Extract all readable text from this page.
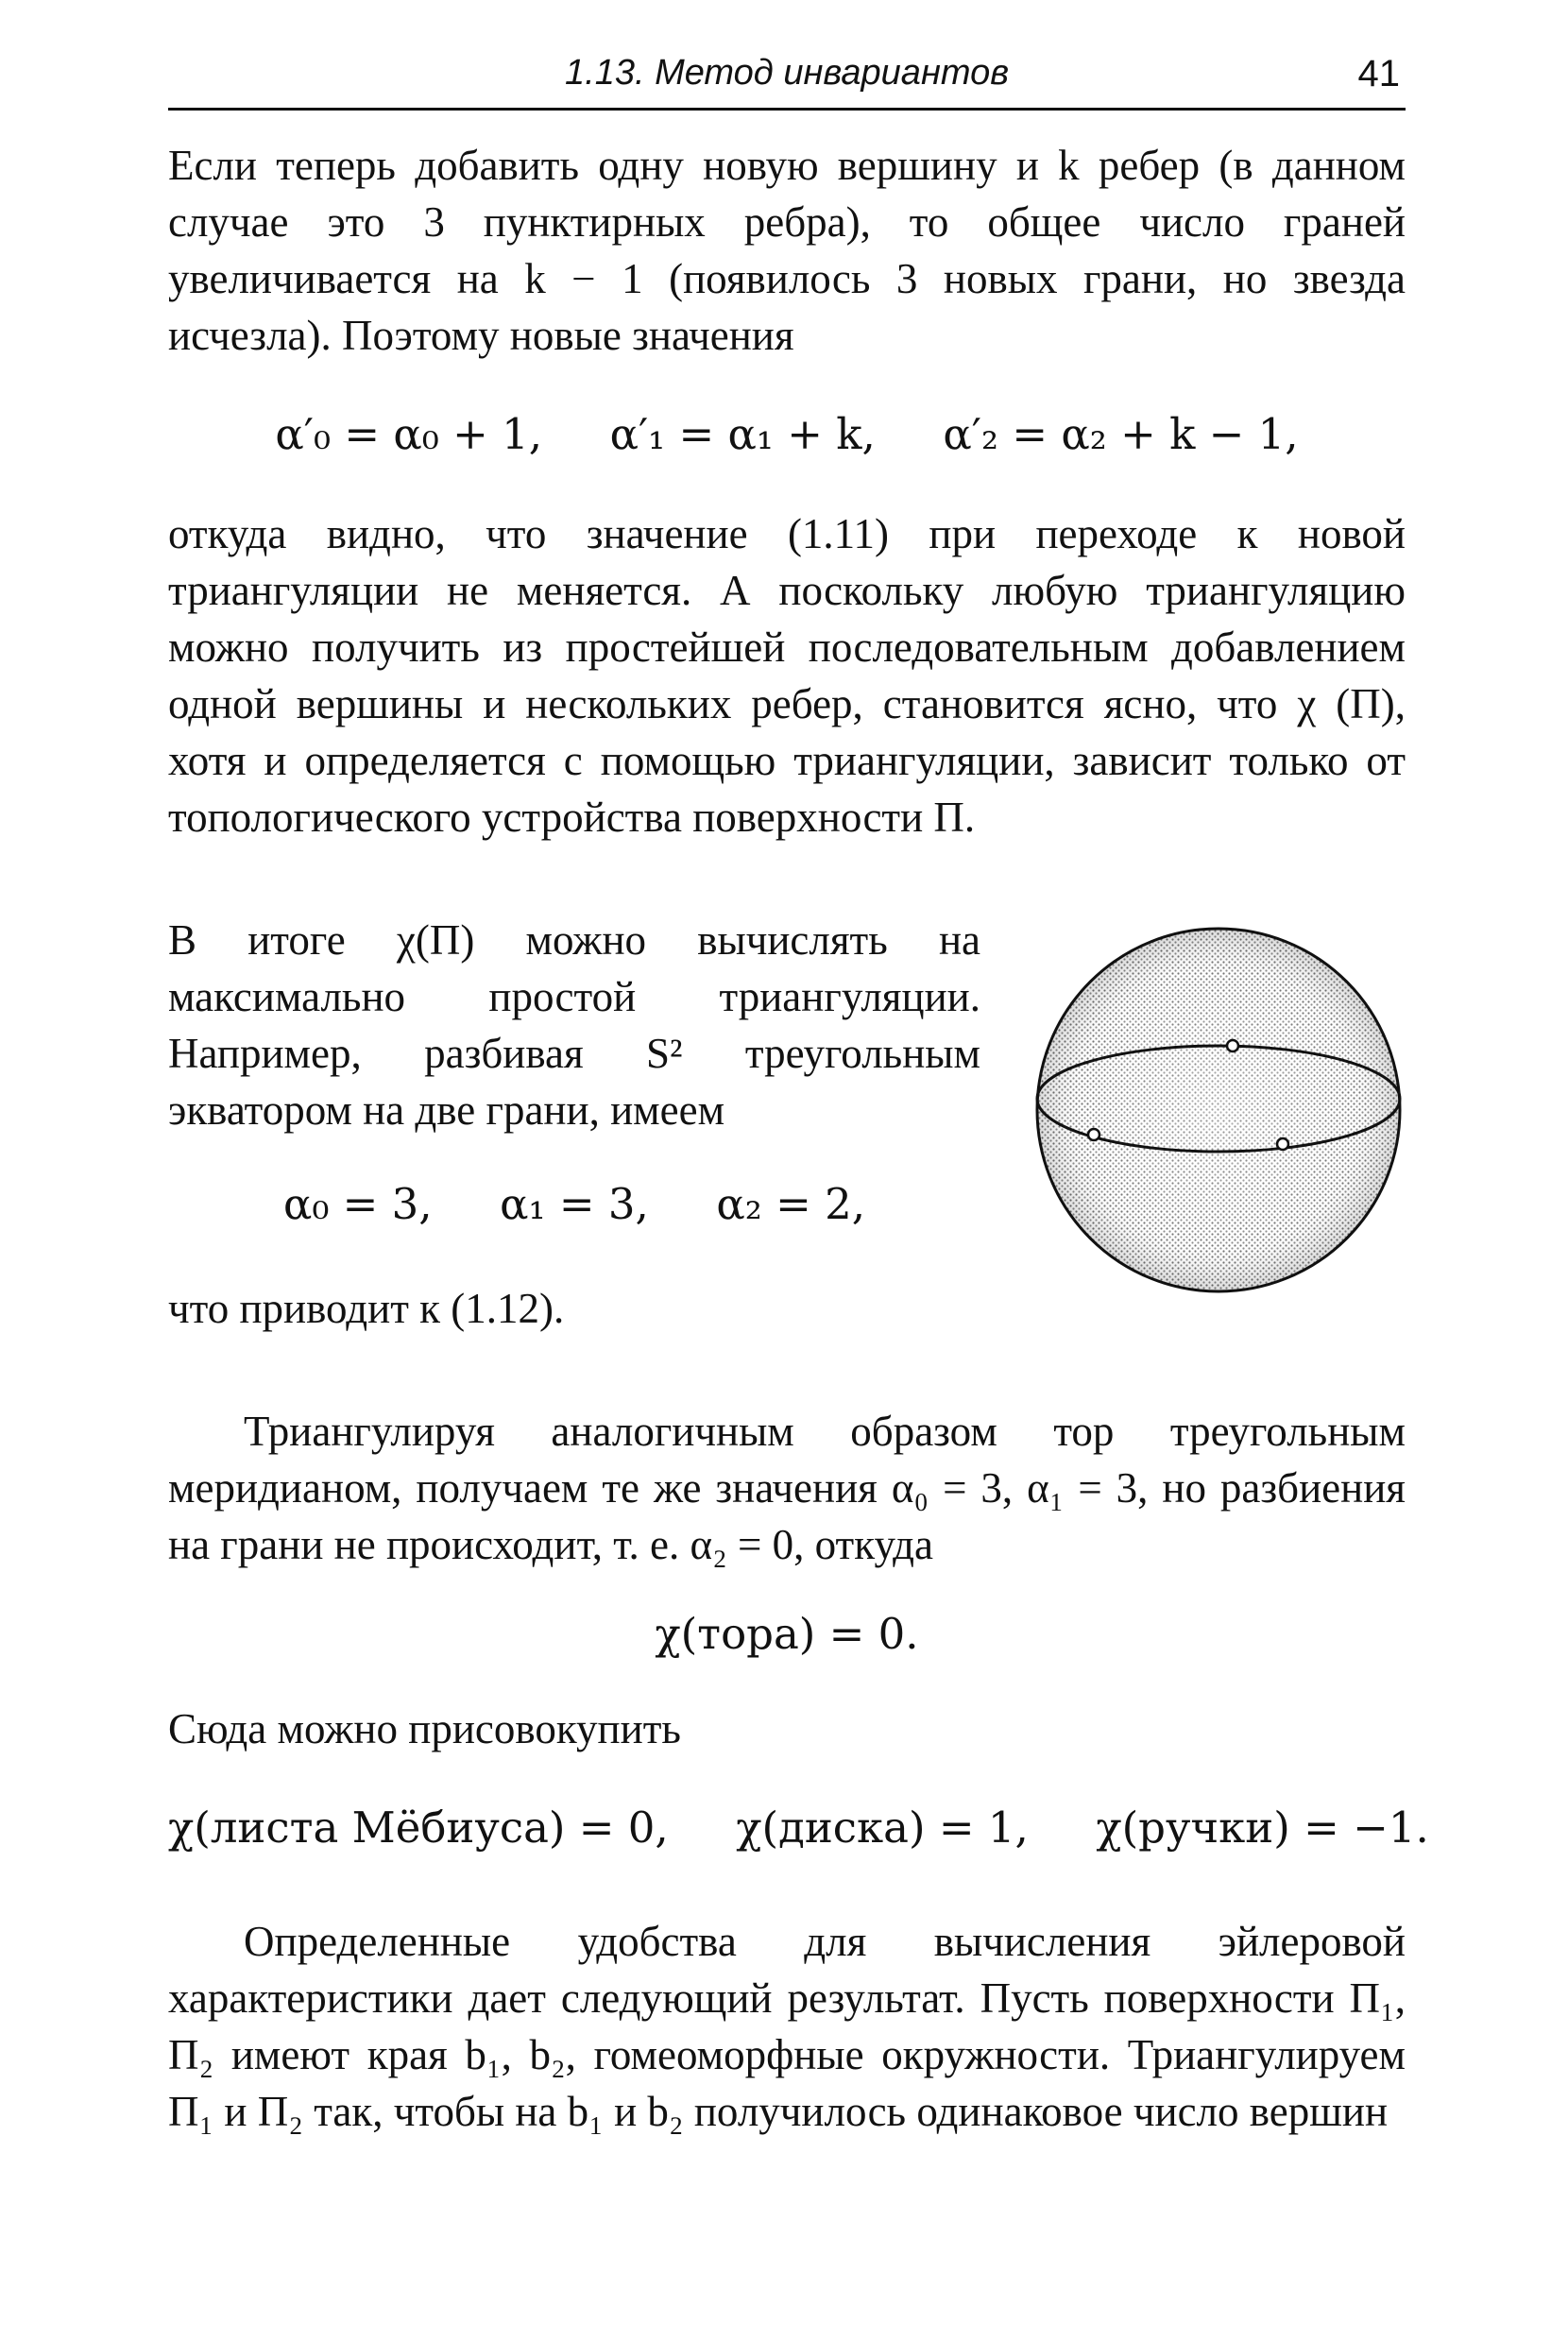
1.13. Метод инвариантов	41
Если теперь добавить одну новую вершину и k ребер (в данном случае это 3 пунктирных ребра), то общее число граней увеличивается на k − 1 (появилось 3 новых грани, но звезда исчезла). Поэтому новые значения
α′₀ = α₀ + 1, α′₁ = α₁ + k, α′₂ = α₂ + k − 1,
откуда видно, что значение (1.11) при переходе к новой триангуляции не меняется. А поскольку любую триангуляцию можно получить из простейшей последовательным добавлением одной вершины и нескольких ребер, становится ясно, что χ (П), хотя и определяется с помощью триангуляции, зависит только от топологического устройства поверхности П.
В итоге χ(П) можно вычислять на максимально простой триангуляции. Например, разбивая S² треугольным экватором на две грани, имеем
α₀ = 3, α₁ = 3, α₂ = 2,
что приводит к (1.12).
Триангулируя аналогичным образом тор треугольным меридианом, получаем те же значения α₀ = 3, α₁ = 3, но разбиения на грани не происходит, т. е. α₂ = 0, откуда
χ(тора) = 0.
Сюда можно присовокупить
χ(листа Мёбиуса) = 0, χ(диска) = 1, χ(ручки) = −1.
Определенные удобства для вычисления эйлеровой характеристики дает следующий результат. Пусть поверхности П₁, П₂ имеют края b₁, b₂, гомеоморфные окружности. Триангулируем П₁ и П₂ так, чтобы на b₁ и b₂ получилось одинаковое число вершин
